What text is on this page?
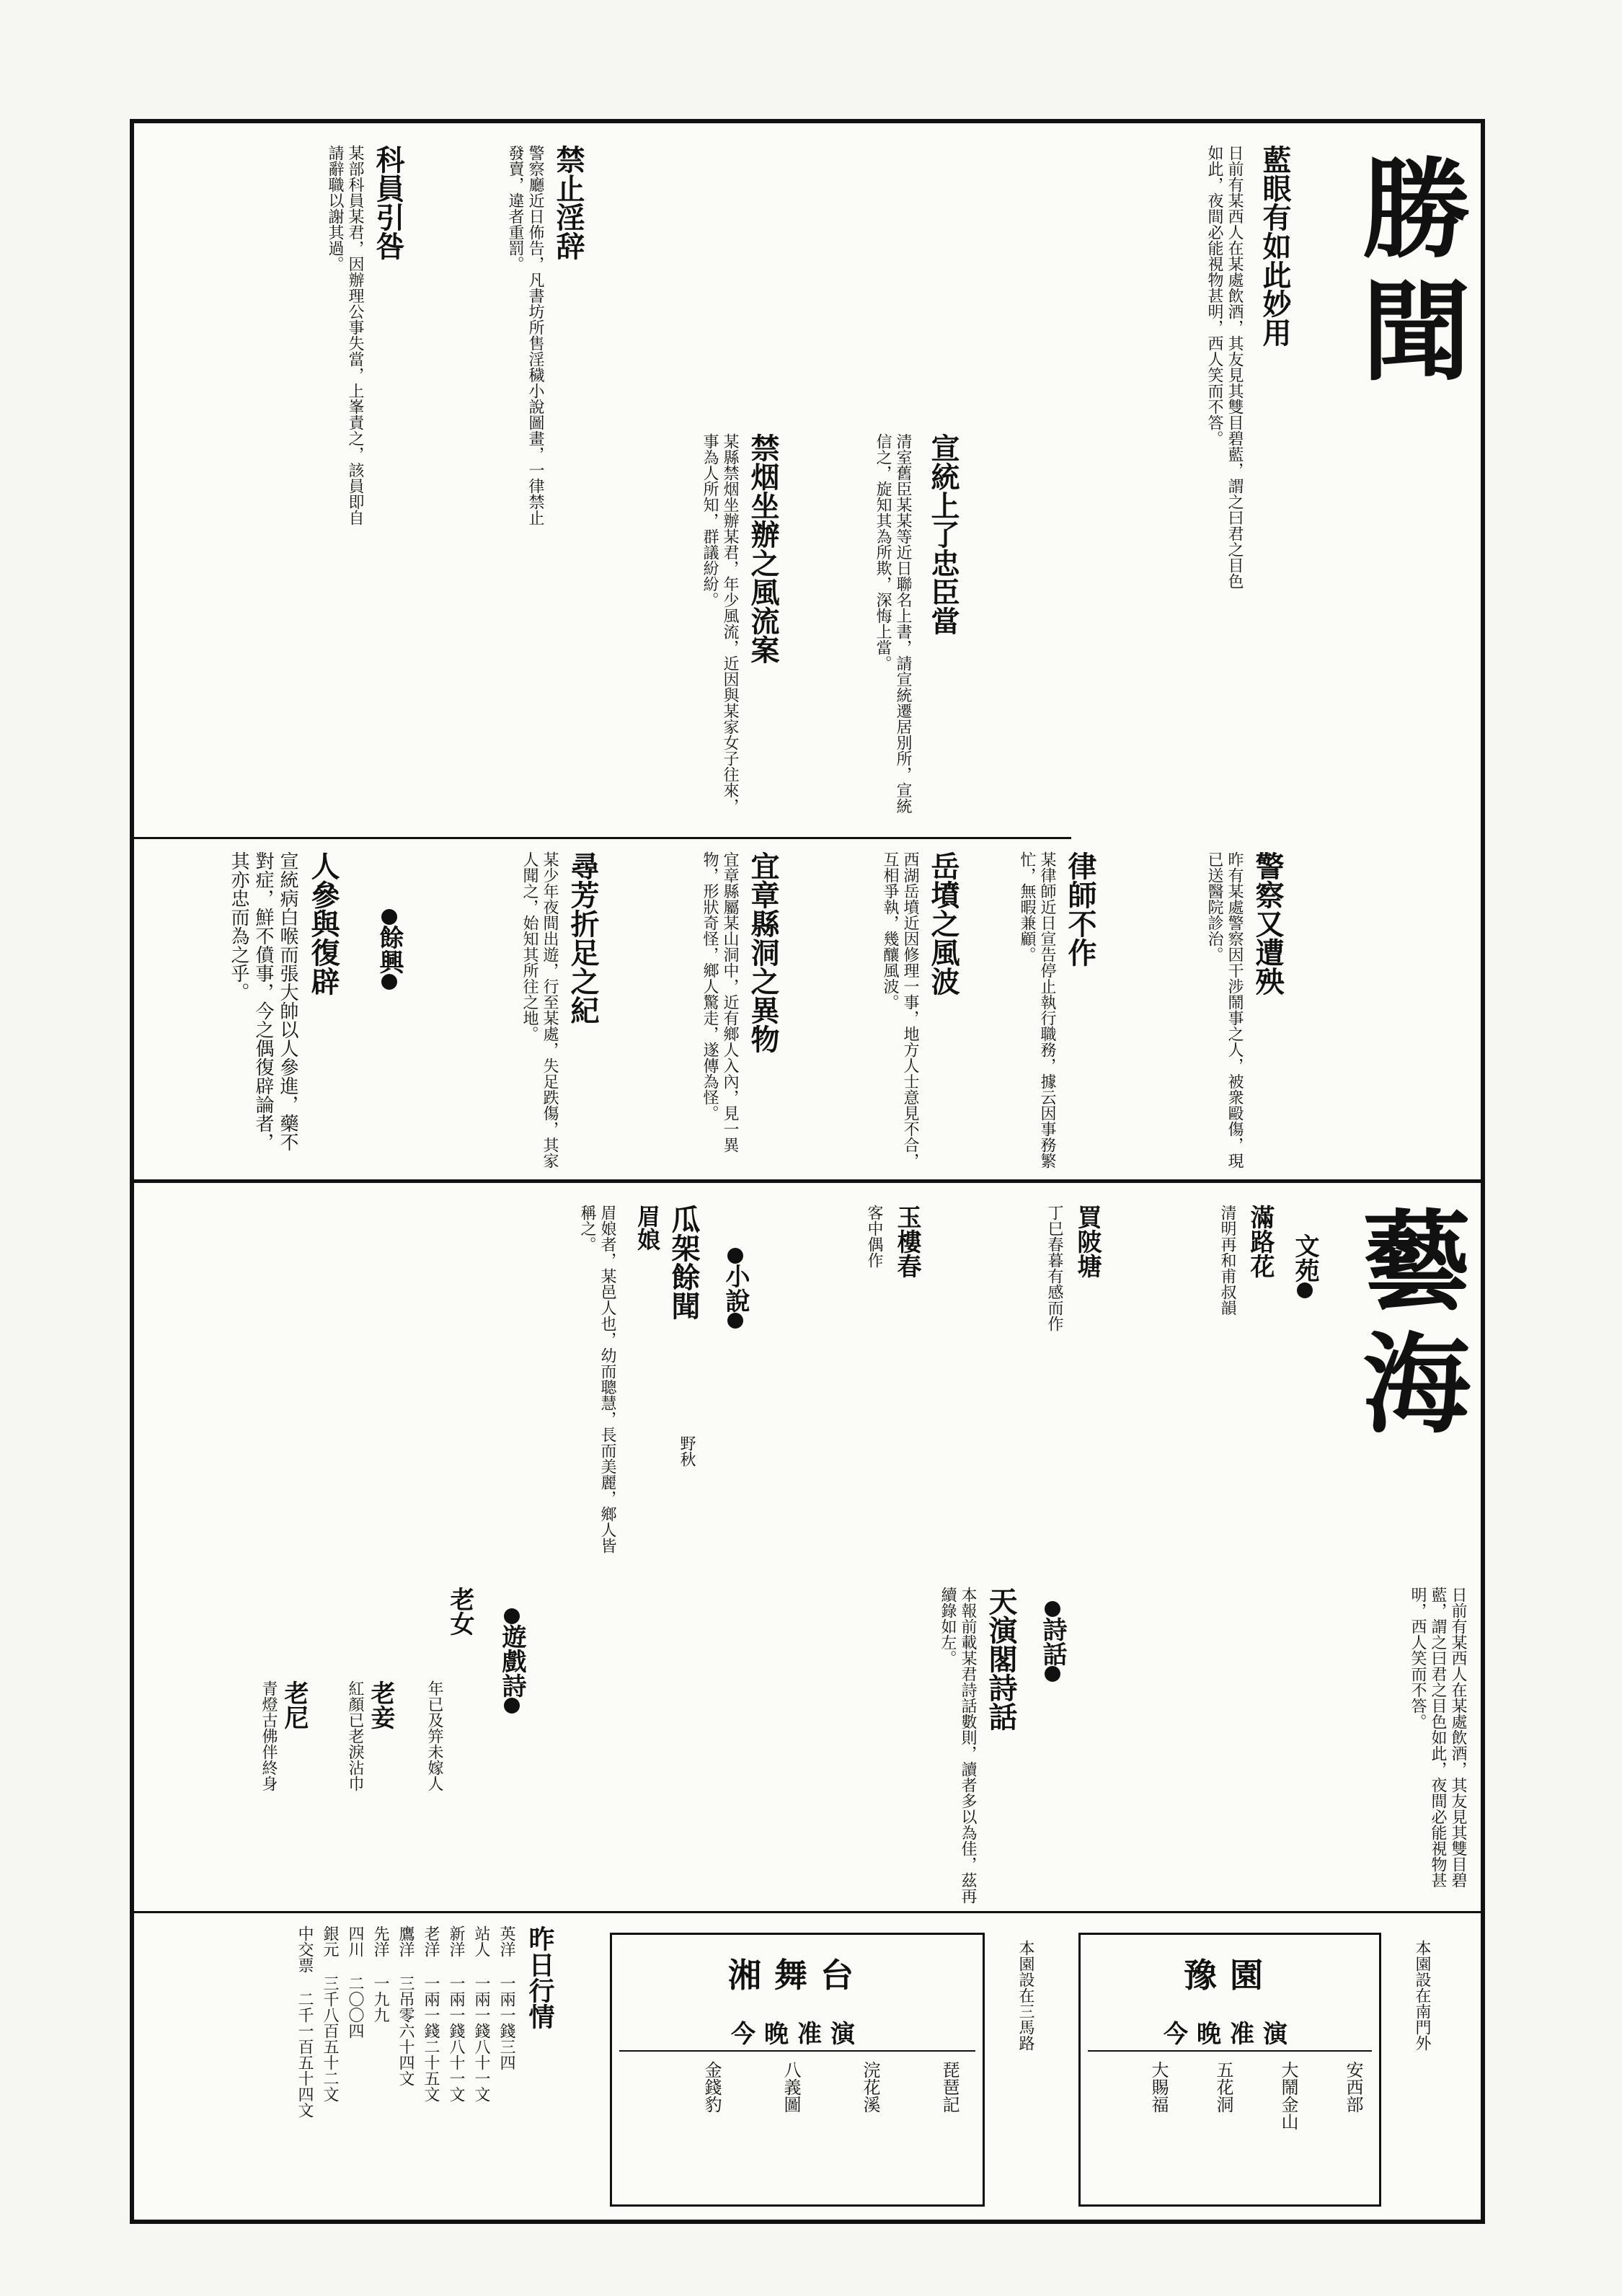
勝聞
藝海
藍眼有如此妙用
日前有某西人在某處飲酒，其友見其雙目碧藍，謂之曰君之目色如此，夜間必能視物甚明，西人笑而不答。
宣統上了忠臣當
清室舊臣某某等近日聯名上書，請宣統遷居別所，宣統信之，旋知其為所欺，深悔上當。
禁烟坐辦之風流案
某縣禁烟坐辦某君，年少風流，近因與某家女子往來，事為人所知，群議紛紛。
禁止淫辞
警察廳近日佈告，凡書坊所售淫穢小說圖畫，一律禁止發賣，違者重罰。
科員引咎
某部科員某君，因辦理公事失當，上峯責之，該員即自請辭職以謝其過。
岳墳之風波
西湖岳墳近因修理一事，地方人士意見不合，互相爭執，幾釀風波。
宜章縣洞之異物
宜章縣屬某山洞中，近有鄉人入內，見一異物，形狀奇怪，鄉人驚走，遂傳為怪。
尋芳折足之紀
某少年夜間出遊，行至某處，失足跌傷，其家人聞之，始知其所往之地。	警察又遭殃
昨有某處警察因干涉鬧事之人，被衆毆傷，現已送醫院診治。
律師不作
某律師近日宣告停止執行職務，據云因事務繁忙，無暇兼顧。
餘興
人參與復辟
宣統病白喉而張大帥以人參進，藥不對症，鮮不僨事，今之偶復辟論者，其亦忠而為之乎。
文苑
滿路花
清明再和甫叔韻
買陂塘
丁巳春暮有感而作
玉樓春
客中偶作
小說
瓜架餘聞
野秋
眉娘
眉娘者，某邑人也，幼而聰慧，長而美麗，鄉人皆稱之。
詩話
天演閣詩話
本報前載某君詩話數則，讀者多以為佳，茲再續錄如左。	日前有某西人在某處飲酒，其友見其雙目碧藍，謂之曰君之目色如此，夜間必能視物甚明，西人笑而不答。
遊戲詩
老女
年已及笄未嫁人
老妾
紅顏已老淚沾巾
老尼
青燈古佛伴終身
昨日行情
英洋 一兩一錢三四
站人 一兩一錢八十一文
新洋 一兩一錢八十一文
老洋 一兩一錢二十五文
鷹洋 三吊零六十四文
先洋 一九九
四川 二〇〇四
銀元 三千八百五十二文
中交票 二千一百五十四文	豫園
今晚准演
安西部
大鬧金山
五花洞
大賜福
本園設在南門外
湘舞台
今晚准演
琵琶記
浣花溪
八義圖
金錢豹
本園設在三馬路
